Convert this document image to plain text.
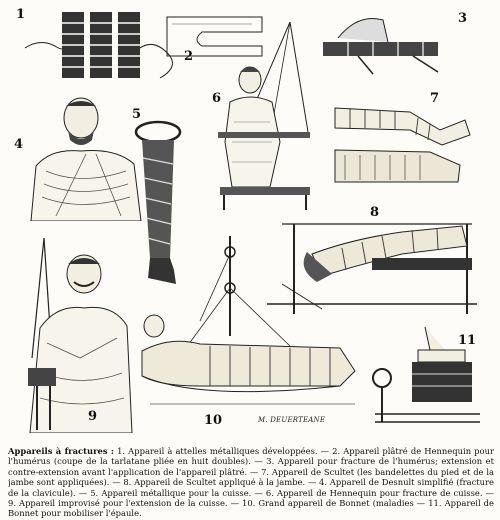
1
2
3
4
5
6	7
8
9	10
11
M. DEUERTEANE
Appareils à fractures : 1. Appareil à attelles métalliques développées. — 2. Appareil plâtré de Hennequin pour l'humérus (coupe de la tarlatane pliée en huit doubles). — 3. Appareil pour fracture de l'humérus; extension et contre-extension avant l'application de l'appareil plâtré. — 7. Appareil de Scultet (les bandelettes du pied et de la jambe sont appliquées). — 8. Appareil de Scultet appliqué à la jambe. — 4. Appareil de Desnult simplifié (fracture de la clavicule). — 5. Appareil métallique pour la cuisse. — 6. Appareil de Hennequin pour fracture de cuisse. — 9. Appareil improvisé pour l'extension de la cuisse. — 10. Grand appareil de Bonnet (maladies — 11. Appareil de Bonnet pour mobiliser l'épaule.
